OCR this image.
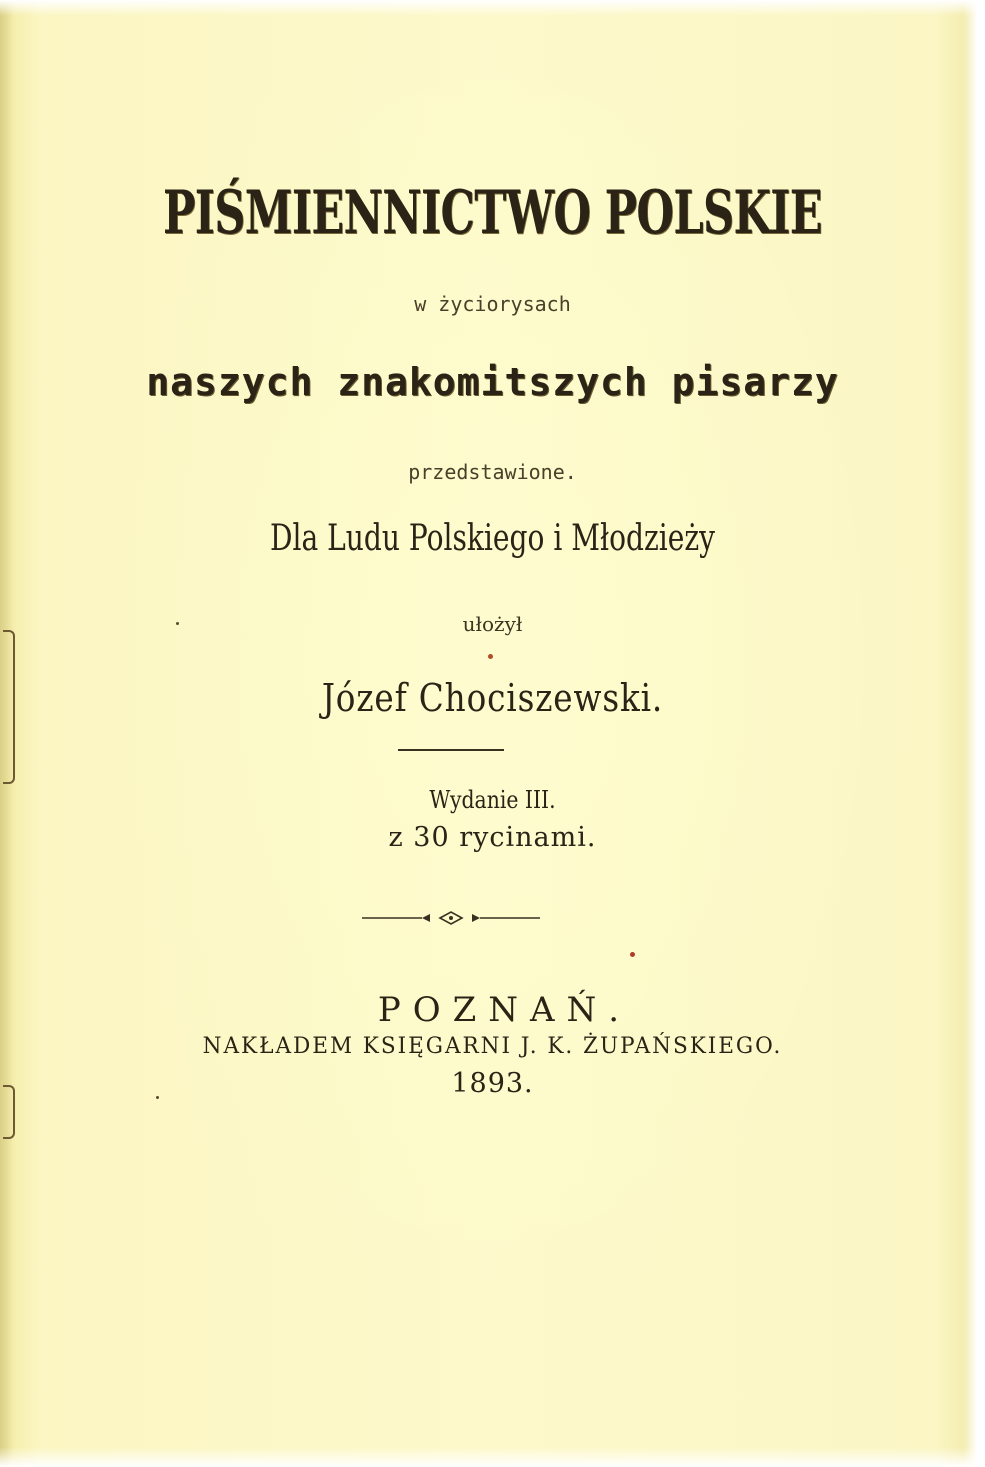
PIŚMIENNICTWO POLSKIE
w życiorysach
naszych znakomitszych pisarzy
przedstawione.
Dla Ludu Polskiego i Młodzieży
ułożył
Józef Chociszewski.
Wydanie III.
z 30 rycinami.
POZNAŃ.
NAKŁADEM KSIĘGARNI J. K. ŻUPAŃSKIEGO.
1893.
